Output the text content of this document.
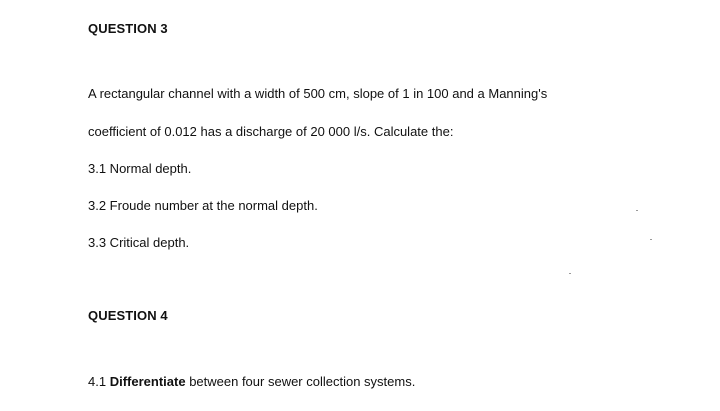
QUESTION 3
A rectangular channel with a width of 500 cm, slope of 1 in 100 and a Manning's
coefficient of 0.012 has a discharge of 20 000 l/s. Calculate the:
3.1 Normal depth.
3.2 Froude number at the normal depth.
3.3 Critical depth.
QUESTION 4
4.1 Differentiate between four sewer collection systems.
